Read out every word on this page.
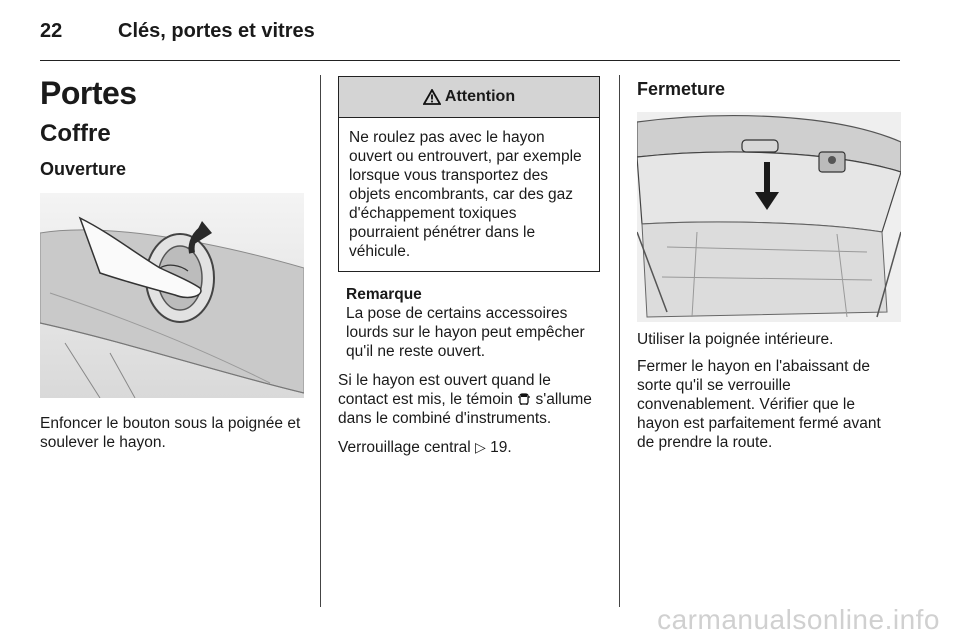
22	Clés, portes et vitres
Portes
Coffre
Ouverture

Enfoncer le bouton sous la poignée et soulever le hayon.

Attention

Ne roulez pas avec le hayon ouvert ou entrouvert, par exemple lorsque vous transportez des objets encombrants, car des gaz d'échappement toxiques pourraient pénétrer dans le véhicule.

Remarque

La pose de certains accessoires lourds sur le hayon peut empêcher qu'il ne reste ouvert.

Si le hayon est ouvert quand le contact est mis, le témoin  s'allume dans le combiné d'instruments.

Verrouillage central ▷ 19.

Fermeture

Utiliser la poignée intérieure.

Fermer le hayon en l'abaissant de sorte qu'il se verrouille convenablement. Vérifier que le hayon est parfaitement fermé avant de prendre la route.

carmanualsonline.info
